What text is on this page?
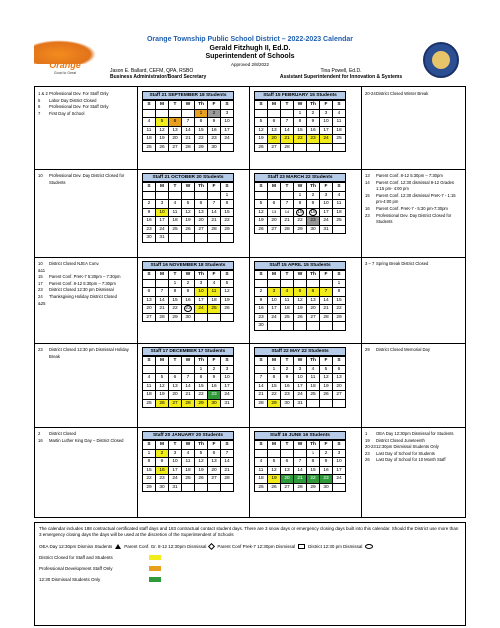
Orange
Good to Great
Orange Township Public School District – 2022-2023 Calendar
Gerald Fitzhugh II, Ed.D.
Superintendent of Schools
Approved 2/8/2022
Jason E. Ballard, CEFM, QPA, RSBO
Business Administrator/Board Secretary
Tina Powell, Ed.D.
Assistant Superintendent for Innovation & Systems
1 & 2 Professional Dev. For Staff Only
5	Labor Day District Closed
6	Professional Dev. For Staff Only
7	First Day of School
Staff 21 SEPTEMBER 18 Students
S	M	T	W	Th	F	S
				1	2	3
4	5	6	7	8	9	10
11	12	13	14	15	16	17
18	19	20	21	22	23	24
25	26	27	28	29	30	
Staff 15 FEBRUARY 15 Students
S	M	T	W	Th	F	S
			1	2	3	4
5	6	7	8	9	10	11
12	13	14	15	16	17	18
19	20	21	22	23	24	25
26	27	28				
20-24 District Closed Winter Break
10	Professional Dev. Day District Closed for Students
Staff 21 OCTOBER 20 Students
S	M	T	W	Th	F	S
						1
2	3	4	5	6	7	8
9	10	11	12	13	14	15
16	17	18	19	20	21	22
23	24	25	26	27	28	29
30	31					
Staff 23 MARCH 22 Students
S	M	T	W	Th	F	S
			1	2	3	4
5	6	7	8	9	10	11
12	13	14	15	16	17	18
19	20	21	22	23	24	25
26	27	28	29	30	31	
13	Parent Conf. 8-12 5:30pm – 7:30pm
14	Parent Conf. 12:30 dismissal 8-12 Grades 1:15 pm- 4:00 pm
15	Parent Conf. 12:30 dismissal PreK-7 - 1:15 pm-4:00 pm
16	Parent Conf. PreK-7 - 5:30 pm-7:30pm
23	Professional Dev. Day District Closed for Students
10 &11
District Closed NJEA Conv.
15	Parent Conf. PreK-7 5:30pm – 7:30pm
17	Parent Conf. 8-12 5:30pm – 7:30pm
23	District Closed 12:30 pm Dismissal
24 &25
Thanksgiving Holiday District Closed
Staff 16 NOVEMBER 18 Students
S	M	T	W	Th	F	S
		1	2	3	4	5
6	7	8	9	10	11	12
13	14	15	16	17	18	19
20	21	22	23	24	25	26
27	28	29	30			
Staff 15 APRIL 15 Students
S	M	T	W	Th	F	S
						1
2	3	4	5	6	7	8
9	10	11	12	13	14	15
16	17	18	19	20	21	22
23	24	25	26	27	28	29
30						
3 – 7 Spring Break District Closed
23	District Closed 12:30 pm Dismissal Holiday Break
Staff 17 DECEMBER 17 Students
S	M	T	W	Th	F	S
				1	2	3
4	5	6	7	8	9	10
11	12	13	14	15	16	17
18	19	20	21	22	23	24
25	26	27	28	29	30	31
Staff 22 MAY 22 Students
S	M	T	W	Th	F	S
	1	2	3	4	5	6
7	8	9	10	11	12	13
14	15	16	17	18	19	20
21	22	23	24	25	26	27
28	29	30	31			
29	District Closed Memorial Day
2	District Closed
16	Martin Luther King Day – District Closed
Staff 20 JANUARY 20 Students
S	M	T	W	Th	F	S
1	2	3	4	5	6	7
8	9	10	11	12	13	14
15	16	17	18	19	20	21
22	23	24	25	26	27	28
29	30	31				
Staff 16 JUNE 16 Students
S	M	T	W	Th	F	S
				1	2	3
4	5	6	7	8	9	10
11	12	13	14	15	16	17
18	19	20	21	22	23	24
25	26	27	28	29	30	
1	OEA Day 12:30pm Dismissal for Students
19	District Closed Juneteenth
20-23 12:30pm Dismissal Students Only
23	Last Day of School for Students
26	Last Day of School for 10 Month Staff
The calendar includes 188 contractual certificated staff days and 183 contractual contact student days. There are 3 snow days or emergency closing days built into this calendar. Should the District use more than 3 emergency closing days the days will be used at the discretion of the Superintendent of Schools
OEA Day 12:30pm Dismiss Students	Parent Conf. Gr. 8-12 12:30pm Dismissal Parent Conf Prek-7 12:30pm Dismissal	District 12:30 pm Dismissal
District Closed for Staff and Students
Professional Development Staff Only
12:30 Dismissal Students Only
